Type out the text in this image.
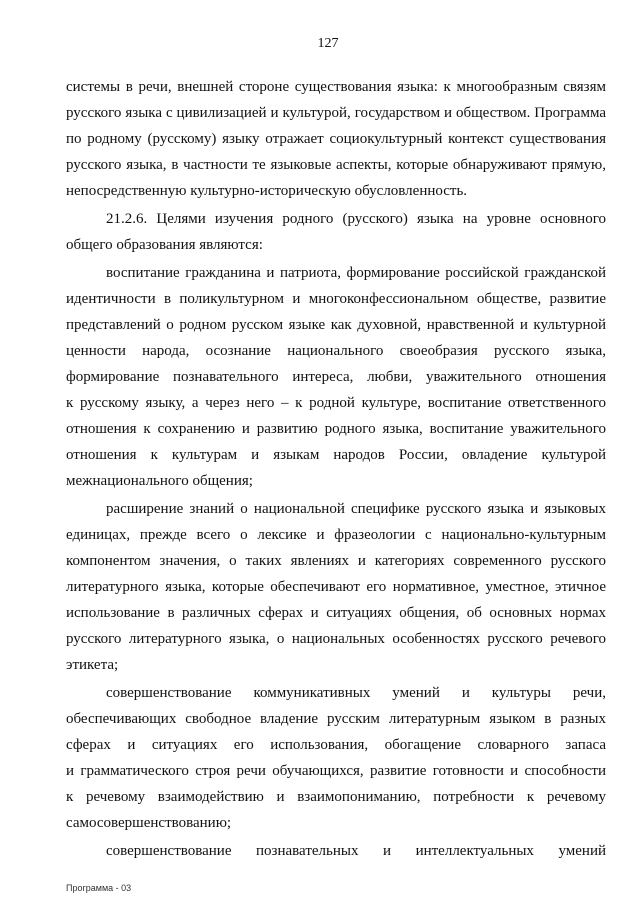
127
системы в речи, внешней стороне существования языка: к многообразным связям
русского языка с цивилизацией и культурой, государством и обществом. Программа
по родному (русскому) языку отражает социокультурный контекст существования
русского языка, в частности те языковые аспекты, которые обнаруживают прямую,
непосредственную культурно-историческую обусловленность.
21.2.6. Целями изучения родного (русского) языка на уровне основного
общего образования являются:
воспитание гражданина и патриота, формирование российской гражданской
идентичности в поликультурном и многоконфессиональном обществе, развитие
представлений о родном русском языке как духовной, нравственной и культурной
ценности народа, осознание национального своеобразия русского языка,
формирование познавательного интереса, любви, уважительного отношения
к русскому языку, а через него – к родной культуре, воспитание ответственного
отношения к сохранению и развитию родного языка, воспитание уважительного
отношения к культурам и языкам народов России, овладение культурой
межнационального общения;
расширение знаний о национальной специфике русского языка и языковых
единицах, прежде всего о лексике и фразеологии с национально-культурным
компонентом значения, о таких явлениях и категориях современного русского
литературного языка, которые обеспечивают его нормативное, уместное, этичное
использование в различных сферах и ситуациях общения, об основных нормах
русского литературного языка, о национальных особенностях русского речевого
этикета;
совершенствование коммуникативных умений и культуры речи,
обеспечивающих свободное владение русским литературным языком в разных
сферах и ситуациях его использования, обогащение словарного запаса
и грамматического строя речи обучающихся, развитие готовности и способности
к речевому взаимодействию и взаимопониманию, потребности к речевому
самосовершенствованию;
совершенствование познавательных и интеллектуальных умений
Программа - 03
